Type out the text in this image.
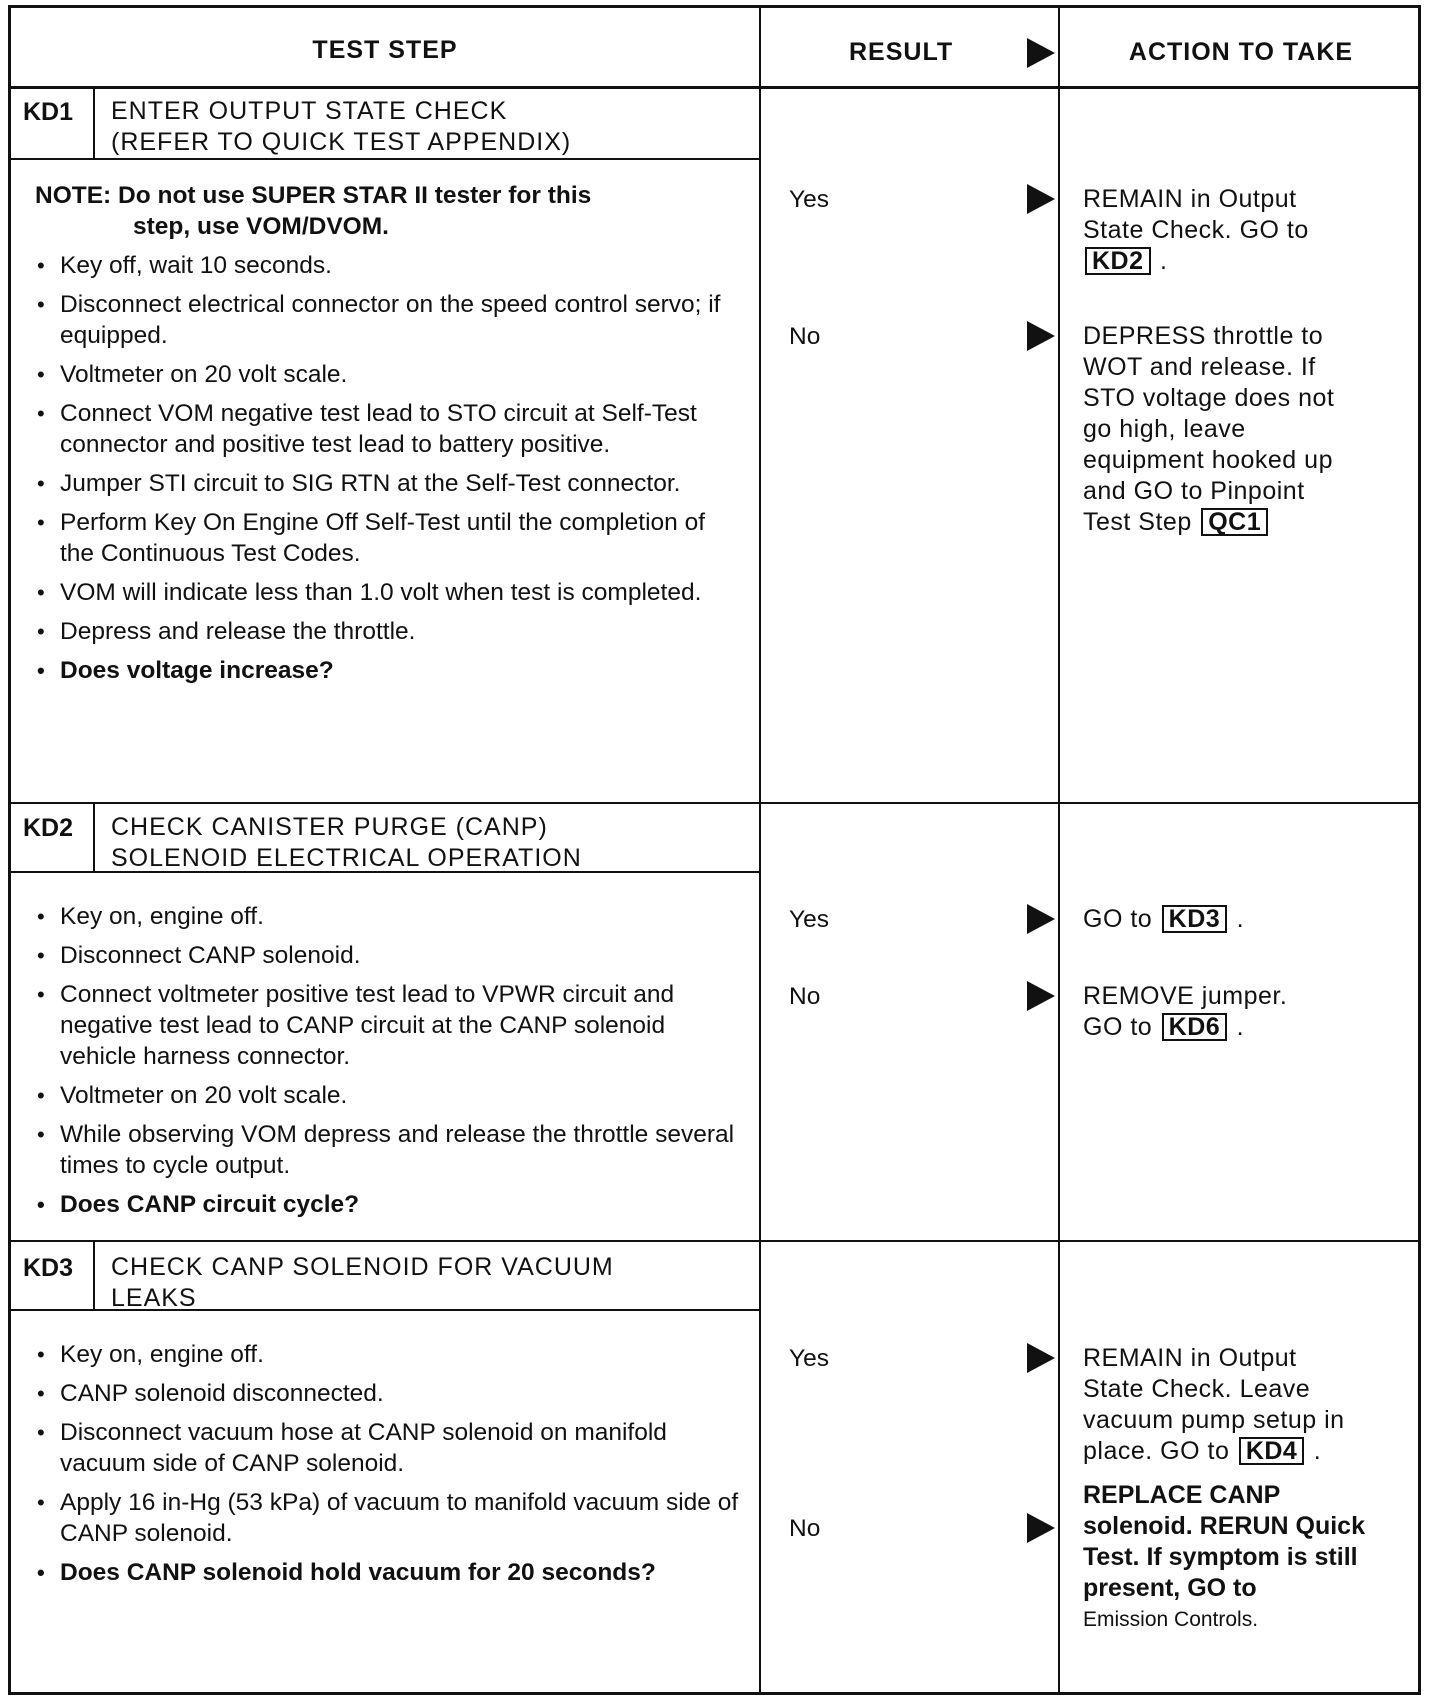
TEST STEP	RESULT	ACTION TO TAKE
KD1 ENTER OUTPUT STATE CHECK
(REFER TO QUICK TEST APPENDIX)
NOTE: Do not use SUPER STAR II tester for this
step, use VOM/DVOM.
• Key off, wait 10 seconds.
• Disconnect electrical connector on the speed control servo; if equipped.
• Voltmeter on 20 volt scale.
• Connect VOM negative test lead to STO circuit at Self-Test connector and positive test lead to battery positive.
• Jumper STI circuit to SIG RTN at the Self-Test connector.
• Perform Key On Engine Off Self-Test until the completion of the Continuous Test Codes.
• VOM will indicate less than 1.0 volt when test is completed.
• Depress and release the throttle.
• Does voltage increase?
Yes	REMAIN in Output
State Check. GO to
KD2 .
No	DEPRESS throttle to
WOT and release. If
STO voltage does not
go high, leave
equipment hooked up
and GO to Pinpoint
Test Step QC1
KD2 CHECK CANISTER PURGE (CANP)
SOLENOID ELECTRICAL OPERATION
• Key on, engine off.
• Disconnect CANP solenoid.
• Connect voltmeter positive test lead to VPWR circuit and negative test lead to CANP circuit at the CANP solenoid vehicle harness connector.
• Voltmeter on 20 volt scale.
• While observing VOM depress and release the throttle several times to cycle output.
• Does CANP circuit cycle?
Yes	GO to KD3 .
No	REMOVE jumper.
GO to KD6 .
KD3 CHECK CANP SOLENOID FOR VACUUM
LEAKS
• Key on, engine off.
• CANP solenoid disconnected.
• Disconnect vacuum hose at CANP solenoid on manifold vacuum side of CANP solenoid.
• Apply 16 in-Hg (53 kPa) of vacuum to manifold vacuum side of CANP solenoid.
• Does CANP solenoid hold vacuum for 20 seconds?
Yes	REMAIN in Output
State Check. Leave
vacuum pump setup in
place. GO to KD4 .
No
REPLACE CANP
solenoid. RERUN Quick
Test. If symptom is still
present, GO to
Emission Controls.
